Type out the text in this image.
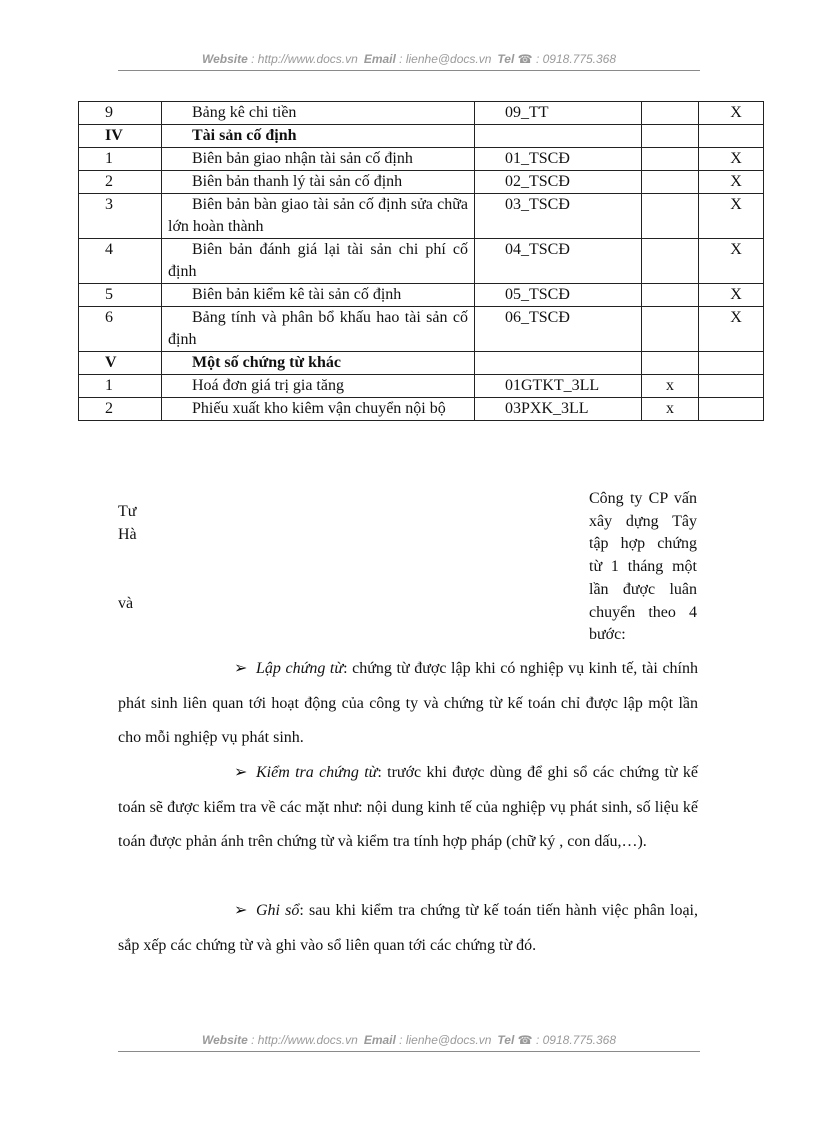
Website : http://www.docs.vn Email : lienhe@docs.vn Tel ☎ : 0918.775.368
9	Bảng kê chi tiền	09_TT		X
IV	Tài sản cố định			
1	Biên bản giao nhận tài sản cố định	01_TSCĐ		X
2	Biên bản thanh lý tài sản cố định	02_TSCĐ		X
3	Biên bản bàn giao tài sản cố định sửa chữa lớn hoàn thành	03_TSCĐ		X
4	Biên bản đánh giá lại tài sản chi phí cố định	04_TSCĐ		X
5	Biên bản kiểm kê tài sản cố định	05_TSCĐ		X
6	Bảng tính và phân bổ khấu hao tài sản cố định	06_TSCĐ		X
V	Một số chứng từ khác			
1	Hoá đơn giá trị gia tăng	01GTKT_3LL	x	
2	Phiếu xuất kho kiêm vận chuyển nội bộ	03PXK_3LL	x	
Tư
Hà
và
Công ty CP vấn xây dựng Tây tập hợp chứng từ 1 tháng một lần được luân chuyển theo 4 bước:
➢ Lập chứng từ: chứng từ được lập khi có nghiệp vụ kinh tế, tài chính phát sinh liên quan tới hoạt động của công ty và chứng từ kế toán chỉ được lập một lần cho mỗi nghiệp vụ phát sinh.
➢ Kiểm tra chứng từ: trước khi được dùng để ghi sổ các chứng từ kế toán sẽ được kiểm tra về các mặt như: nội dung kinh tế của nghiệp vụ phát sinh, số liệu kế toán được phản ánh trên chứng từ và kiểm tra tính hợp pháp (chữ ký , con dấu,…).
➢ Ghi sổ: sau khi kiểm tra chứng từ kế toán tiến hành việc phân loại, sắp xếp các chứng từ và ghi vào sổ liên quan tới các chứng từ đó.
Website : http://www.docs.vn Email : lienhe@docs.vn Tel ☎ : 0918.775.368
